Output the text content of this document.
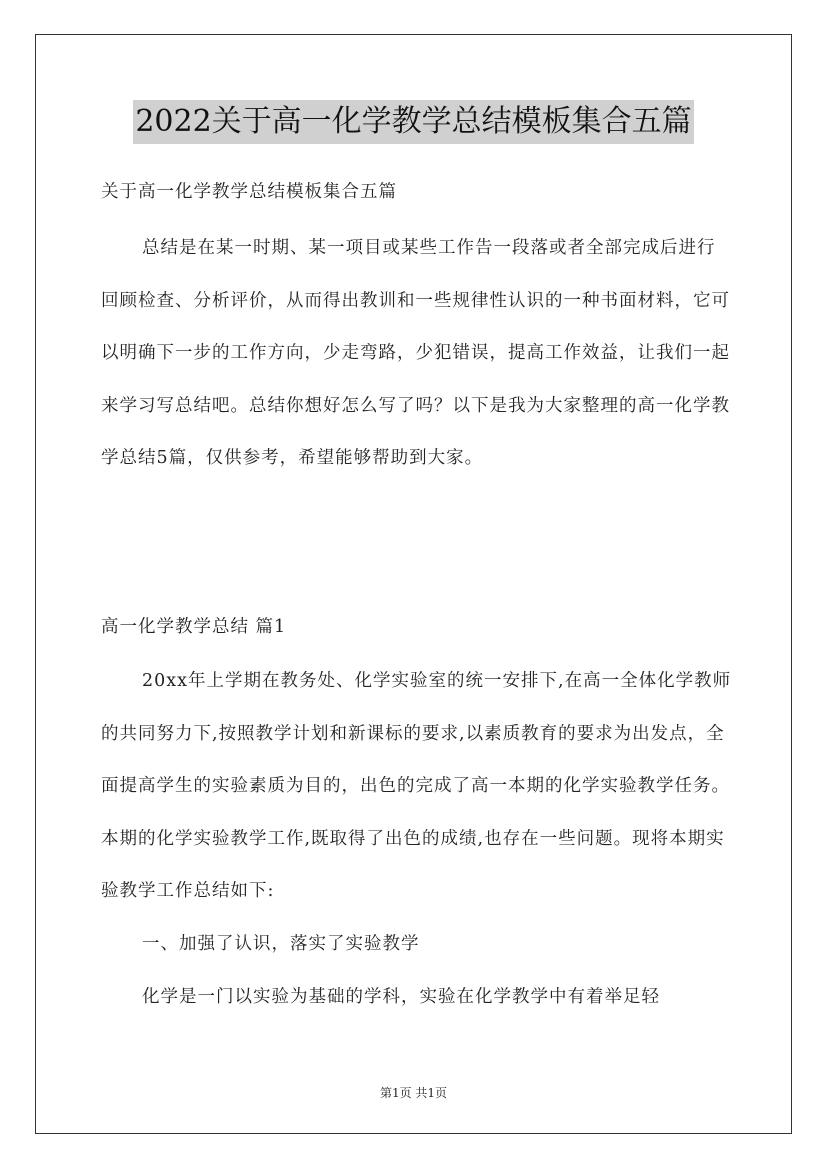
2022关于高一化学教学总结模板集合五篇

关于高一化学教学总结模板集合五篇

总结是在某一时期、某一项目或某些工作告一段落或者全部完成后进行回顾检查、分析评价，从而得出教训和一些规律性认识的一种书面材料，它可以明确下一步的工作方向，少走弯路，少犯错误，提高工作效益，让我们一起来学习写总结吧。总结你想好怎么写了吗？以下是我为大家整理的高一化学教学总结5篇，仅供参考，希望能够帮助到大家。

高一化学教学总结 篇1

20xx年上学期在教务处、化学实验室的统一安排下,在高一全体化学教师的共同努力下,按照教学计划和新课标的要求,以素质教育的要求为出发点，全面提高学生的实验素质为目的，出色的完成了高一本期的化学实验教学任务。本期的化学实验教学工作,既取得了出色的成绩,也存在一些问题。现将本期实验教学工作总结如下:

一、加强了认识，落实了实验教学

化学是一门以实验为基础的学科，实验在化学教学中有着举足轻

第1页 共1页
